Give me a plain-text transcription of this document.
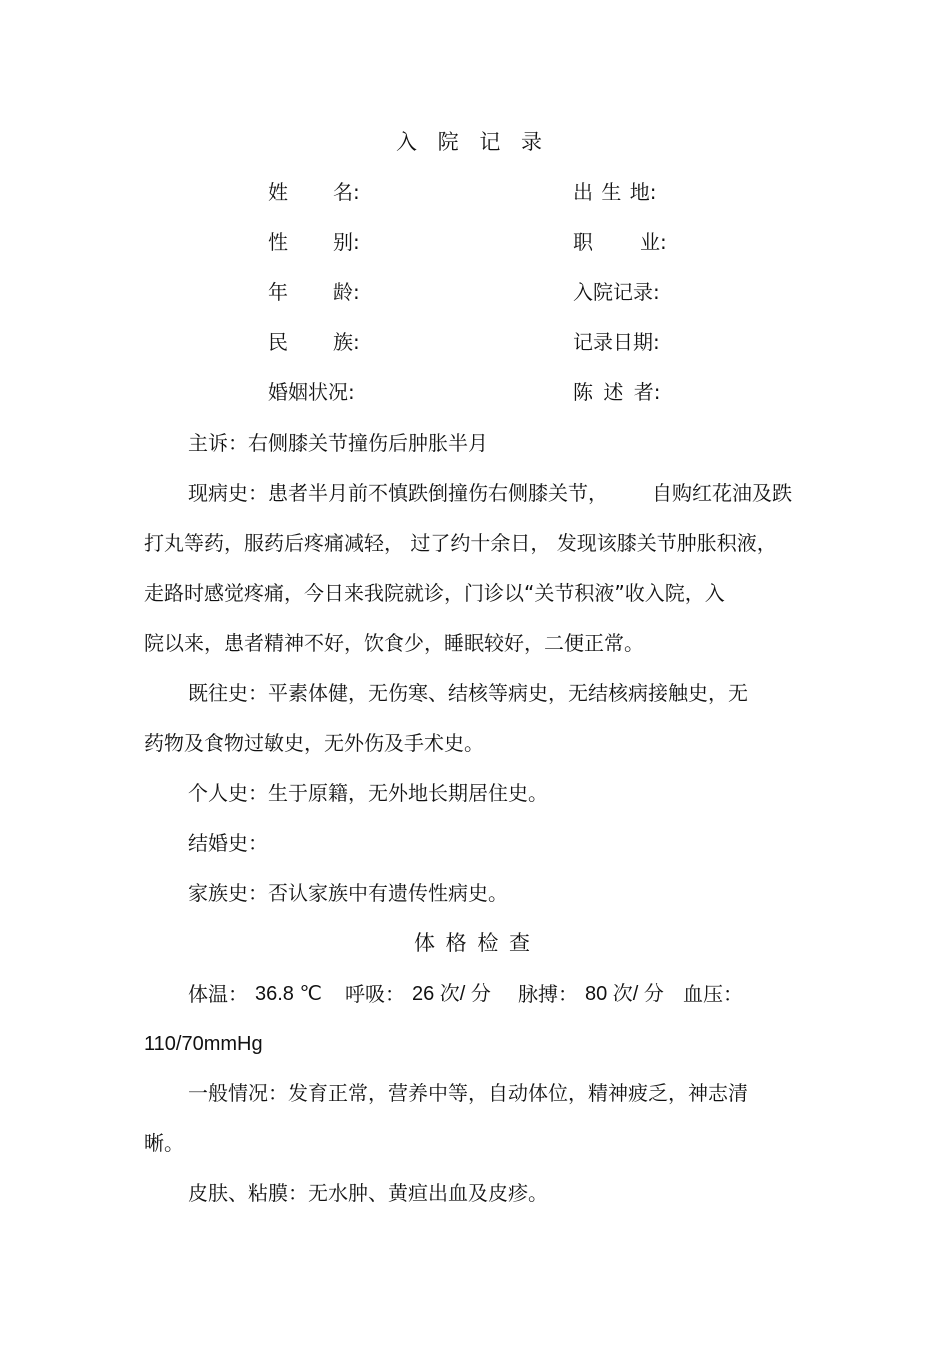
入 院 记 录
姓 名:
性 别:
年 龄:
民 族:
婚姻状况:
出 生 地:
职 业:
入院记录:
记录日期:
陈 述 者:
主诉：右侧膝关节撞伤后肿胀半月
现病史：患者半月前不慎跌倒撞伤右侧膝关节， 自购红花油及跌
打丸等药，服药后疼痛减轻， 过了约十余日， 发现该膝关节肿胀积液，
走路时感觉疼痛，今日来我院就诊，门诊以“关节积液”收入院，入
院以来，患者精神不好，饮食少，睡眠较好，二便正常。
既往史：平素体健，无伤寒、结核等病史，无结核病接触史，无
药物及食物过敏史，无外伤及手术史。
个人史：生于原籍，无外地长期居住史。
结婚史：
家族史：否认家族中有遗传性病史。
体 格 检 查
体温： 36.8 ℃ 呼吸： 26 次/ 分 脉搏： 80 次/ 分 血压：
110/70mmHg
一般情况：发育正常，营养中等，自动体位，精神疲乏，神志清
晰。
皮肤、粘膜：无水肿、黄疸出血及皮疹。
